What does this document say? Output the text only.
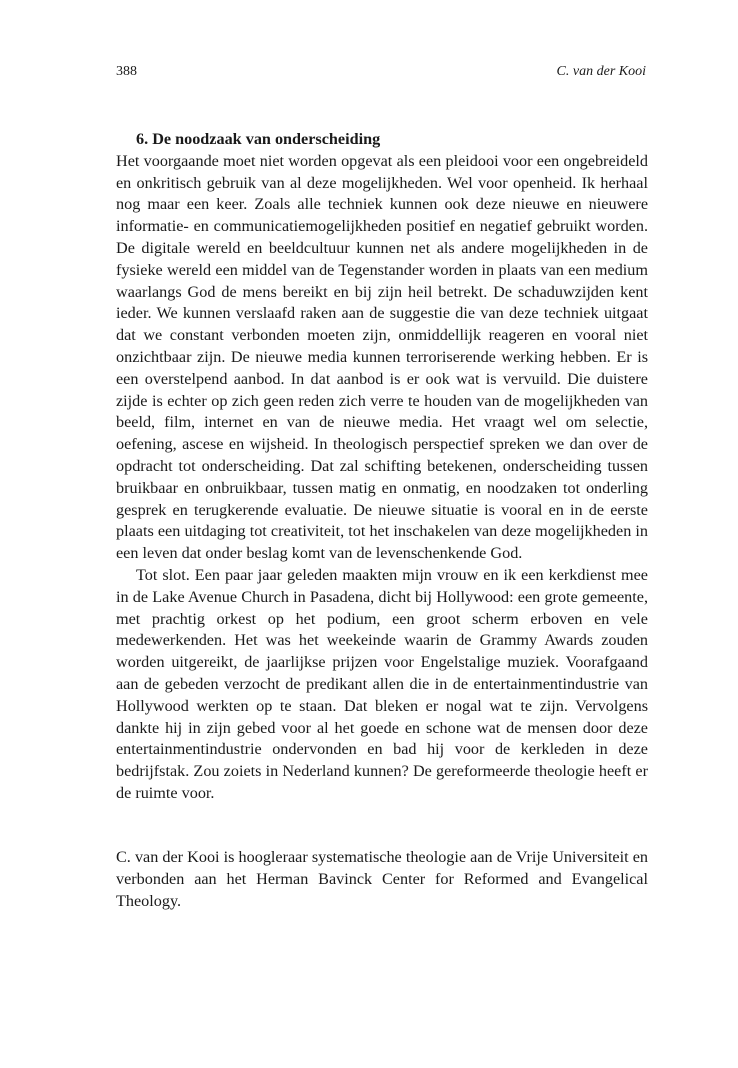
388	C. van der Kooi

6. De noodzaak van onderscheiding

Het voorgaande moet niet worden opgevat als een pleidooi voor een ongebreideld en onkritisch gebruik van al deze mogelijkheden. Wel voor openheid. Ik herhaal nog maar een keer. Zoals alle techniek kunnen ook deze nieuwe en nieuwere informatie- en communicatiemogelijkheden positief en negatief gebruikt worden. De digitale wereld en beeldcultuur kunnen net als andere mogelijkheden in de fysieke wereld een middel van de Tegenstander worden in plaats van een medium waarlangs God de mens bereikt en bij zijn heil betrekt. De schaduwzijden kent ieder. We kunnen verslaafd raken aan de suggestie die van deze techniek uitgaat dat we constant verbonden moeten zijn, onmiddellijk reageren en vooral niet onzichtbaar zijn. De nieuwe media kunnen terroriserende werking hebben. Er is een overstelpend aanbod. In dat aanbod is er ook wat is vervuild. Die duistere zijde is echter op zich geen reden zich verre te houden van de mogelijkheden van beeld, film, internet en van de nieuwe media. Het vraagt wel om selectie, oefening, ascese en wijsheid. In theologisch perspectief spreken we dan over de opdracht tot onderscheiding. Dat zal schifting betekenen, onderscheiding tussen bruikbaar en onbruikbaar, tussen matig en onmatig, en noodzaken tot onderling gesprek en terugkerende evaluatie. De nieuwe situatie is vooral en in de eerste plaats een uitdaging tot creativiteit, tot het inschakelen van deze mogelijkheden in een leven dat onder beslag komt van de levenschenkende God.

Tot slot. Een paar jaar geleden maakten mijn vrouw en ik een kerkdienst mee in de Lake Avenue Church in Pasadena, dicht bij Hollywood: een grote gemeente, met prachtig orkest op het podium, een groot scherm erboven en vele medewerkenden. Het was het weekeinde waarin de Grammy Awards zouden worden uitgereikt, de jaarlijkse prijzen voor Engelstalige muziek. Voorafgaand aan de gebeden verzocht de predikant allen die in de entertainmentindustrie van Hollywood werkten op te staan. Dat bleken er nogal wat te zijn. Vervolgens dankte hij in zijn gebed voor al het goede en schone wat de mensen door deze entertainmentindustrie ondervonden en bad hij voor de kerkleden in deze bedrijfstak. Zou zoiets in Nederland kunnen? De gereformeerde theologie heeft er de ruimte voor.

C. van der Kooi is hoogleraar systematische theologie aan de Vrije Universiteit en verbonden aan het Herman Bavinck Center for Reformed and Evangelical Theology.
